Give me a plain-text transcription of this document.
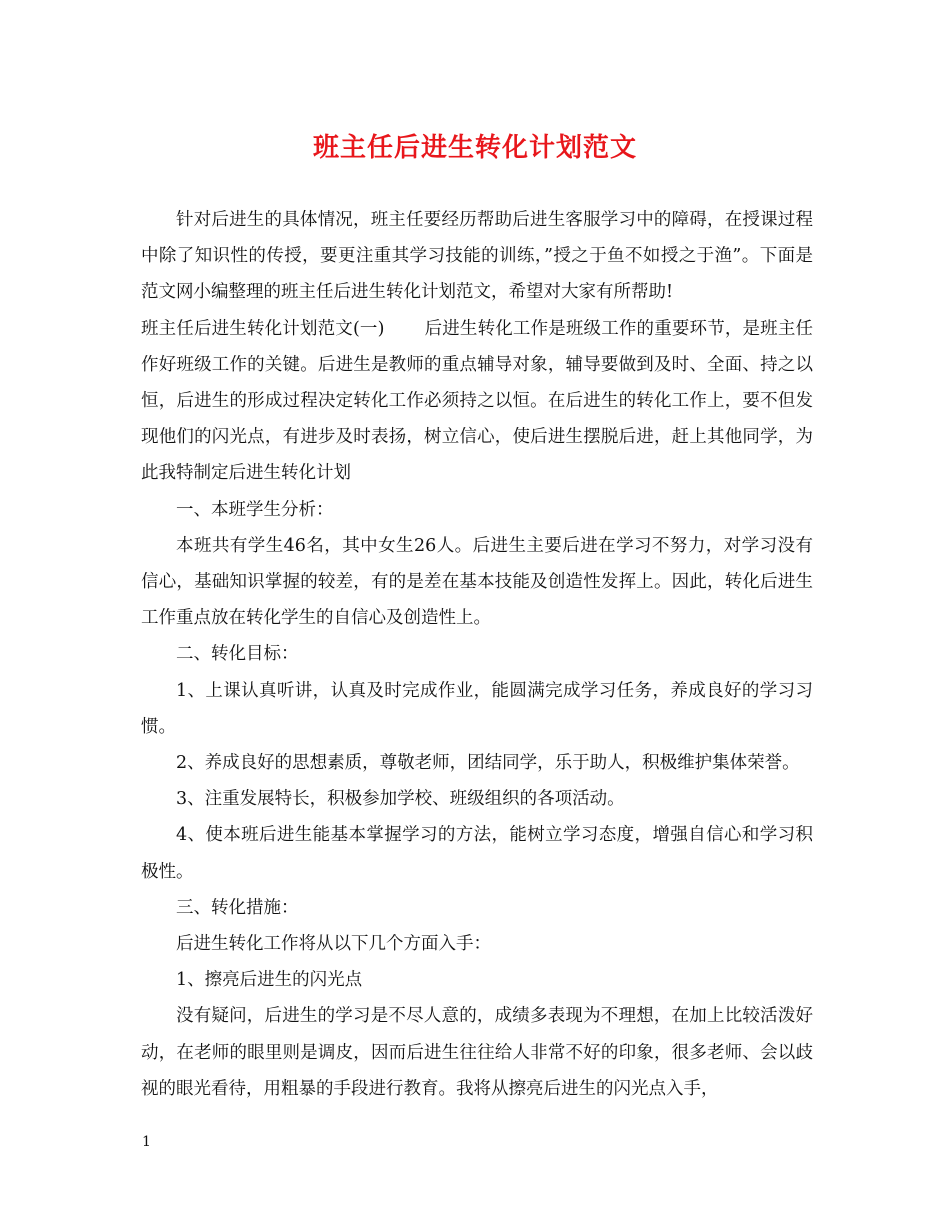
班主任后进生转化计划范文

针对后进生的具体情况，班主任要经历帮助后进生客服学习中的障碍，在授课过程中除了知识性的传授，要更注重其学习技能的训练，”授之于鱼不如授之于渔”。下面是范文网小编整理的班主任后进生转化计划范文，希望对大家有所帮助!

班主任后进生转化计划范文(一) 后进生转化工作是班级工作的重要环节，是班主任作好班级工作的关键。后进生是教师的重点辅导对象，辅导要做到及时、全面、持之以恒，后进生的形成过程决定转化工作必须持之以恒。在后进生的转化工作上，要不但发现他们的闪光点，有进步及时表扬，树立信心，使后进生摆脱后进，赶上其他同学，为此我特制定后进生转化计划

一、本班学生分析：

本班共有学生46名，其中女生26人。后进生主要后进在学习不努力，对学习没有信心，基础知识掌握的较差，有的是差在基本技能及创造性发挥上。因此，转化后进生工作重点放在转化学生的自信心及创造性上。

二、转化目标：

1、上课认真听讲，认真及时完成作业，能圆满完成学习任务，养成良好的学习习惯。

2、养成良好的思想素质，尊敬老师，团结同学，乐于助人，积极维护集体荣誉。

3、注重发展特长，积极参加学校、班级组织的各项活动。

4、使本班后进生能基本掌握学习的方法，能树立学习态度，增强自信心和学习积极性。

三、转化措施：

后进生转化工作将从以下几个方面入手：

1、擦亮后进生的闪光点

没有疑问，后进生的学习是不尽人意的，成绩多表现为不理想，在加上比较活泼好动，在老师的眼里则是调皮，因而后进生往往给人非常不好的印象，很多老师、会以歧视的眼光看待，用粗暴的手段进行教育。我将从擦亮后进生的闪光点入手，

1
